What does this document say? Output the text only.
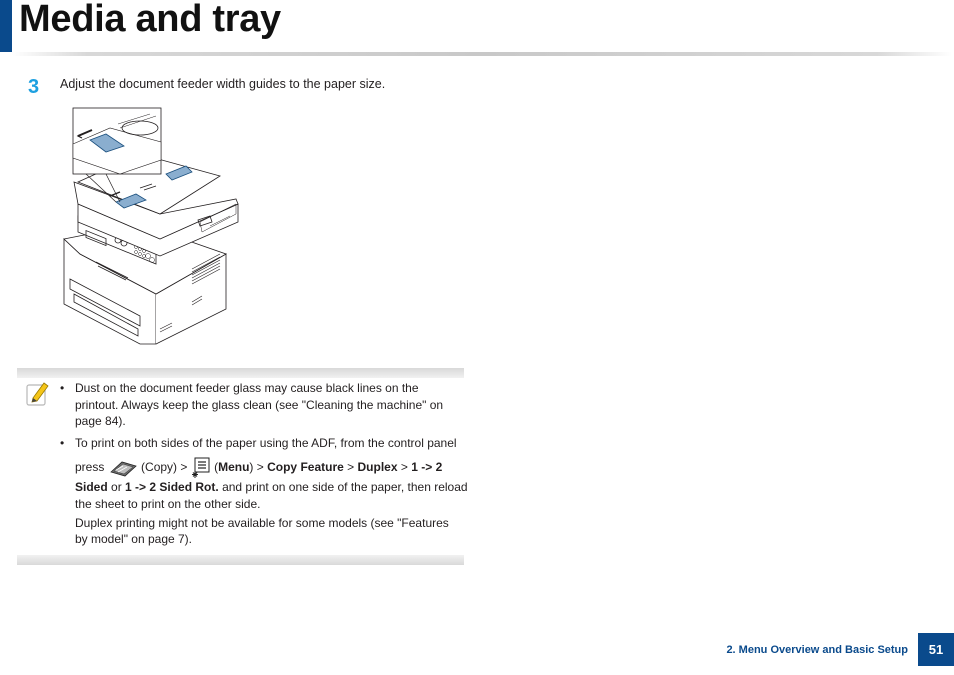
Media and tray
3 Adjust the document feeder width guides to the paper size.
• Dust on the document feeder glass may cause black lines on the
printout. Always keep the glass clean (see "Cleaning the machine" on
page 84).
• To print on both sides of the paper using the ADF, from the control panel
press	(Copy) > (Menu) > Copy Feature > Duplex > 1 -> 2
Sided or 1 -> 2 Sided Rot. and print on one side of the paper, then reload
the sheet to print on the other side.
Duplex printing might not be available for some models (see "Features
by model" on page 7).
2. Menu Overview and Basic Setup	51
